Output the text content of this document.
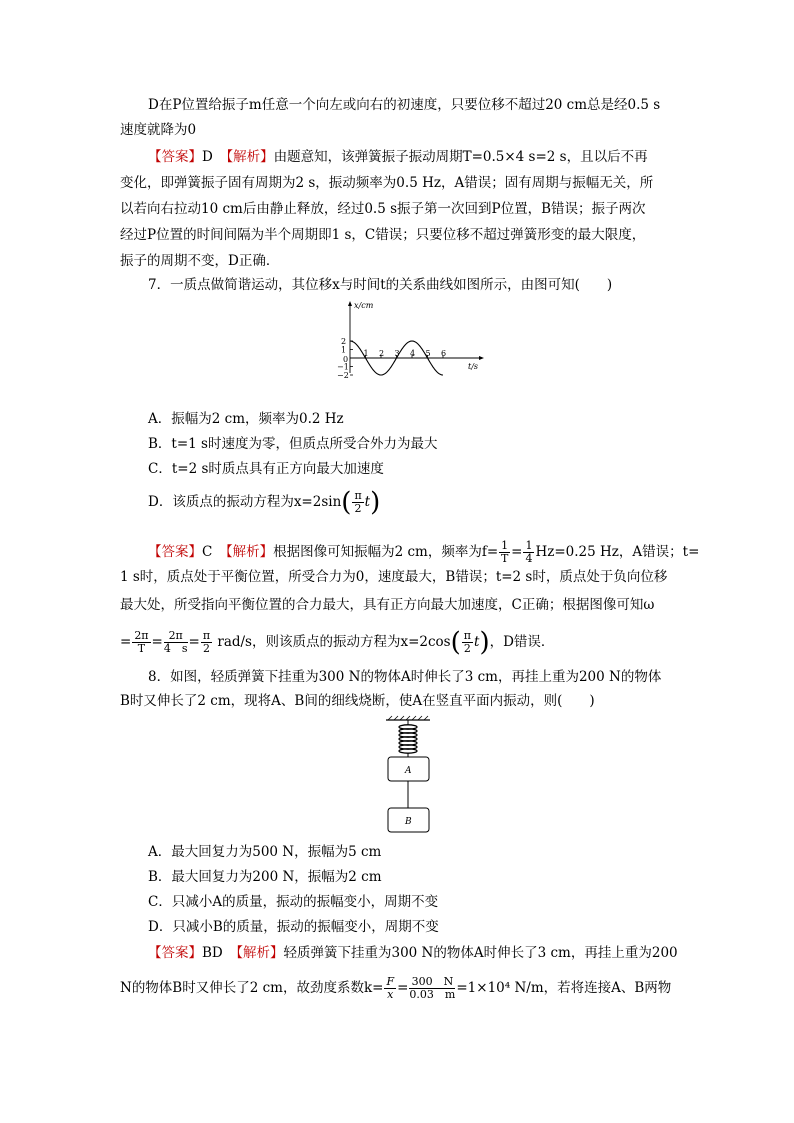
D在P位置给振子m任意一个向左或向右的初速度，只要位移不超过20 cm总是经0.5 s
速度就降为0
【答案】D　 【解析】由题意知，该弹簧振子振动周期T=0.5×4 s=2 s，且以后不再
变化，即弹簧振子固有周期为2 s，振动频率为0.5 Hz，A错误；固有周期与振幅无关，所
以若向右拉动10 cm后由静止释放，经过0.5 s振子第一次回到P位置，B错误；振子两次
经过P位置的时间间隔为半个周期即1 s，C错误；只要位移不超过弹簧形变的最大限度，
振子的周期不变，D正确．
7．一质点做简谐运动，其位移x与时间t的关系曲线如图所示，由图可知(　　)
x/cm
t/s
0
2
1
−1
−2
1 2 3 4 5 6
A．振幅为2 cm，频率为0.2 Hz
B．t=1 s时速度为零，但质点所受合外力为最大
C．t=2 s时质点具有正方向最大加速度
D．该质点的振动方程为$x=2\sin( \frac{\pi}{2} t)$
【答案】C　 【解析】根据图像可知振幅为2 cm，频率为$f= \frac{1}{T} = \frac{1}{4} Hz=0.25$ Hz，A错误；t=
1 s时，质点处于平衡位置，所受合力为0，速度最大，B错误；t=2 s时，质点处于负向位移
最大处，所受指向平衡位置的合力最大，具有正方向最大加速度，C正确；根据图像可知ω
= $\frac{2\pi}{T} = \frac{2\pi}{4 s} = \frac{\pi}{2} rad/s$，则该质点的振动方程为$x=2\cos( \frac{\pi}{2} t)$，D错误．
8．如图，轻质弹簧下挂重为300 N的物体A时伸长了3 cm，再挂上重为200 N的物体
B时又伸长了2 cm，现将A、B间的细线烧断，使A在竖直平面内振动，则(　　)
A
B
A．最大回复力为500 N，振幅为5 cm
B．最大回复力为200 N，振幅为2 cm
C．只减小A的质量，振动的振幅变小，周期不变
D．只减小B的质量，振动的振幅变小，周期不变
【答案】BD　 【解析】轻质弹簧下挂重为300 N的物体A时伸长了3 cm，再挂上重为200
N的物体B时又伸长了2 cm，故劲度系数$k= \frac{F}{x} = \frac{300 N}{0.03 m} =1\times 10^4$ N/m，若将连接A、B两物
